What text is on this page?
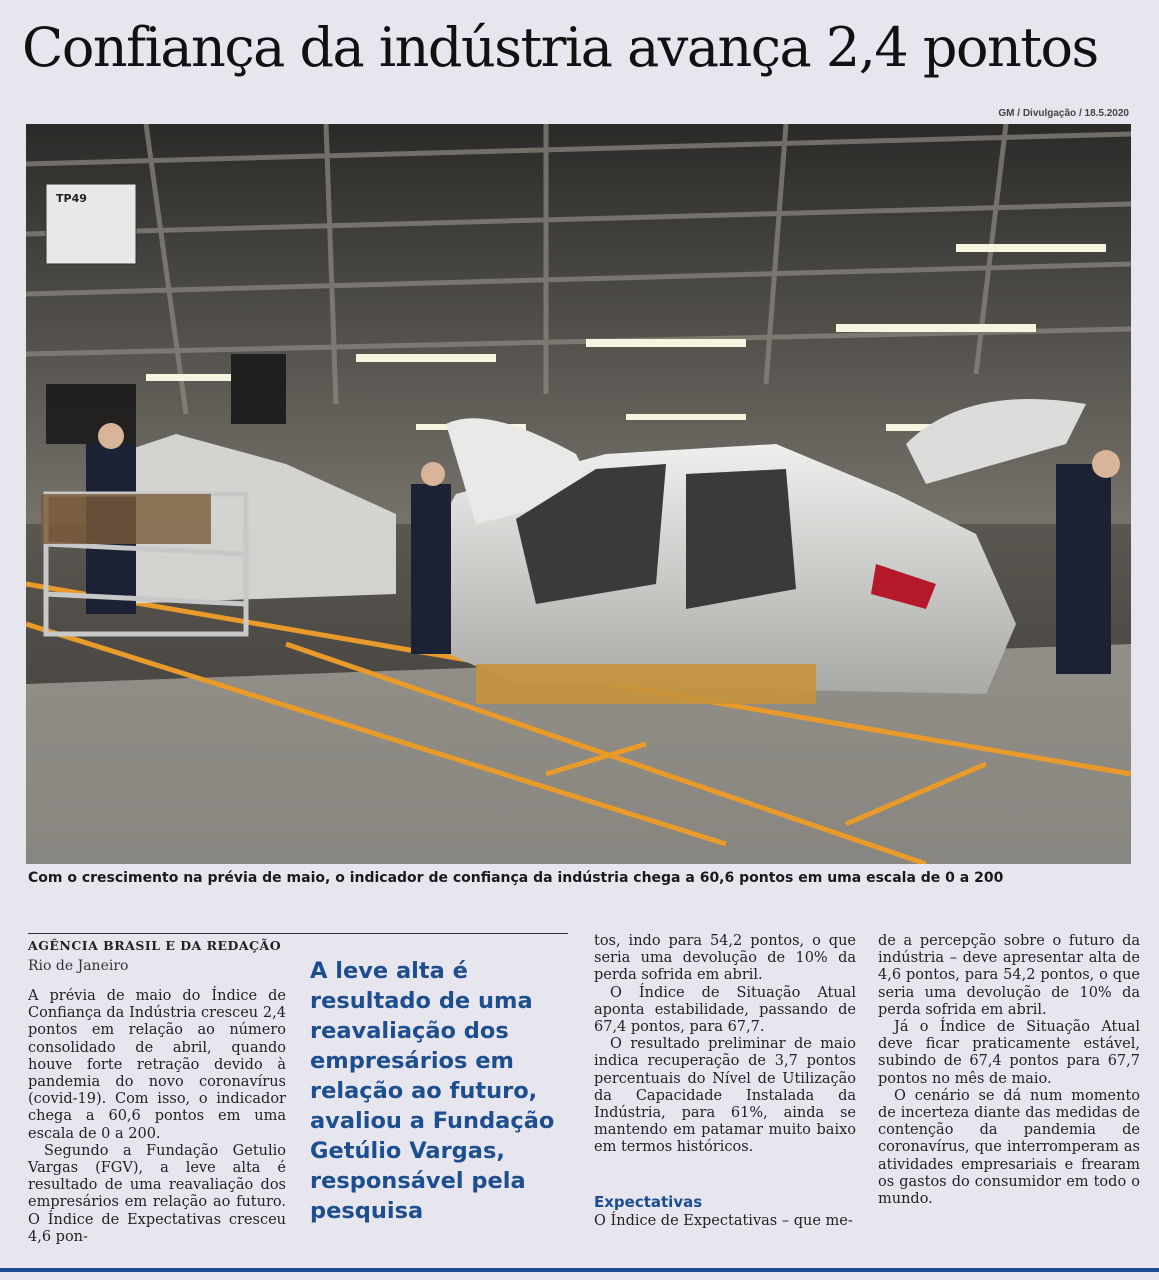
Confiança da indústria avança 2,4 pontos
GM / Divulgação / 18.5.2020
TP49
Com o crescimento na prévia de maio, o indicador de confiança da indústria chega a 60,6 pontos em uma escala de 0 a 200
AGÊNCIA BRASIL E DA REDAÇÃO
Rio de Janeiro

A prévia de maio do Índice de Confiança da Indústria cresceu 2,4 pontos em relação ao número consolidado de abril, quando houve forte retração devido à pandemia do novo coronavírus (covid-19). Com isso, o indicador chega a 60,6 pontos em uma escala de 0 a 200.

Segundo a Fundação Getulio Vargas (FGV), a leve alta é resultado de uma reavaliação dos empresários em relação ao futuro. O Índice de Expectativas cresceu 4,6 pon-

A leve alta é resultado de uma reavaliação dos empresários em relação ao futuro, avaliou a Fundação Getúlio Vargas, responsável pela pesquisa

tos, indo para 54,2 pontos, o que seria uma devolução de 10% da perda sofrida em abril.

O Índice de Situação Atual aponta estabilidade, passando de 67,4 pontos, para 67,7.

O resultado preliminar de maio indica recuperação de 3,7 pontos percentuais do Nível de Utilização da Capacidade Instalada da Indústria, para 61%, ainda se mantendo em patamar muito baixo em termos históricos.

Expectativas

O Índice de Expectativas – que me-

de a percepção sobre o futuro da indústria – deve apresentar alta de 4,6 pontos, para 54,2 pontos, o que seria uma devolução de 10% da perda sofrida em abril.

Já o Índice de Situação Atual deve ficar praticamente estável, subindo de 67,4 pontos para 67,7 pontos no mês de maio.

O cenário se dá num momento de incerteza diante das medidas de contenção da pandemia de coronavírus, que interromperam as atividades empresariais e frearam os gastos do consumidor em todo o mundo.
